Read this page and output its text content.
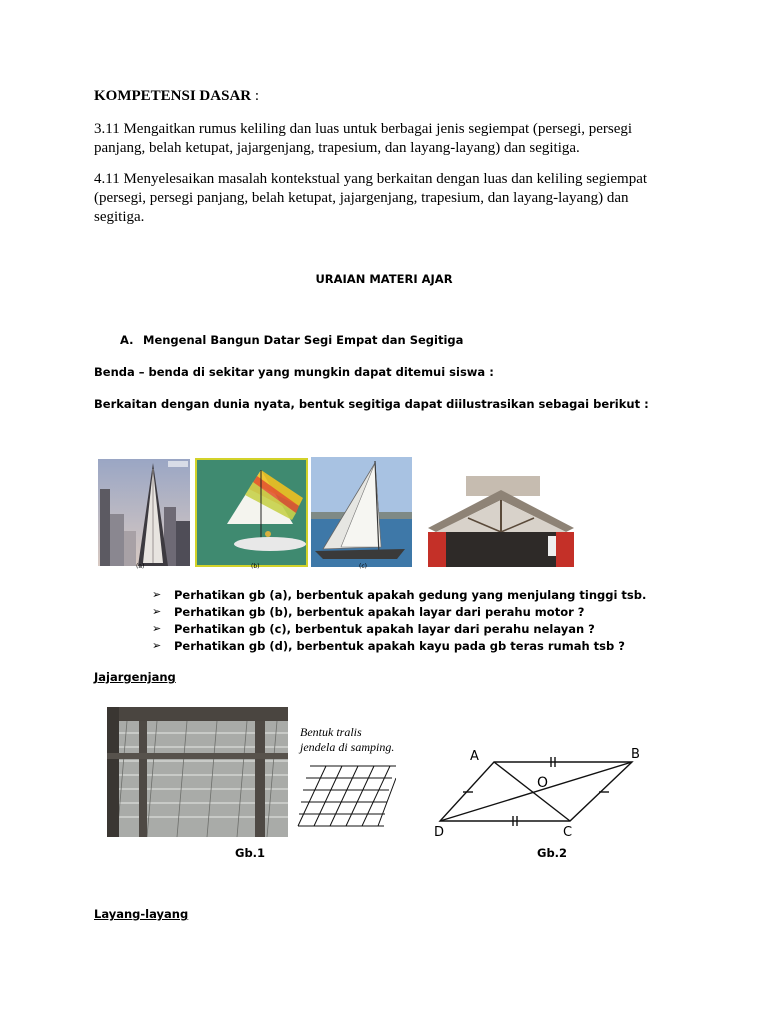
KOMPETENSI DASAR :
3.11 Mengaitkan rumus keliling dan luas untuk berbagai jenis segiempat (persegi, persegi
panjang, belah ketupat, jajargenjang, trapesium, dan layang-layang) dan segitiga.
4.11 Menyelesaikan masalah kontekstual yang berkaitan dengan luas dan keliling segiempat
(persegi, persegi panjang, belah ketupat, jajargenjang, trapesium, dan layang-layang) dan
segitiga.
URAIAN MATERI AJAR
A. Mengenal Bangun Datar Segi Empat dan Segitiga
Benda – benda di sekitar yang mungkin dapat ditemui siswa :
Berkaitan dengan dunia nyata, bentuk segitiga dapat diilustrasikan sebagai berikut :
(a)	(b)	(c)
➢ Perhatikan gb (a), berbentuk apakah gedung yang menjulang tinggi tsb.
➢ Perhatikan gb (b), berbentuk apakah layar dari perahu motor ?
➢ Perhatikan gb (c), berbentuk apakah layar dari perahu nelayan ?
➢ Perhatikan gb (d), berbentuk apakah kayu pada gb teras rumah tsb ?
Jajargenjang
Bentuk tralis
jendela di samping.
A	B
C
D
O
Gb.1	Gb.2
Layang-layang
